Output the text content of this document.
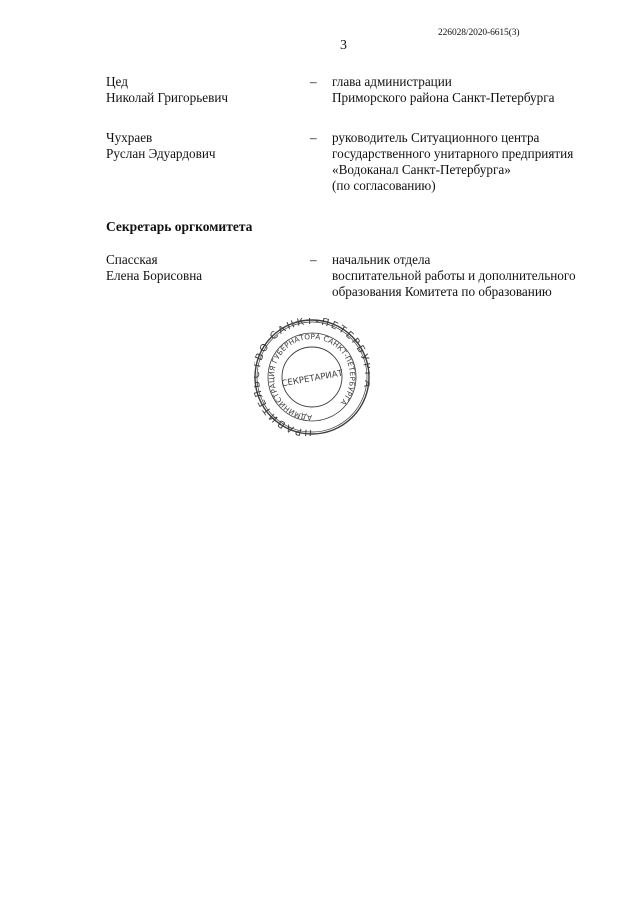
226028/2020-6615(3)
3
Цед
Николай Григорьевич
– глава администрации
Приморского района Санкт-Петербурга
Чухраев
Руслан Эдуардович
– руководитель Ситуационного центра
государственного унитарного предприятия
«Водоканал Санкт-Петербурга»
(по согласованию)
Секретарь оргкомитета
Спасская
Елена Борисовна
– начальник отдела
воспитательной работы и дополнительного
образования Комитета по образованию
ПРАВИТЕ ВО САНКТ-ПЕТЕРБУ
АДМИНИСТРАЦИЯ ГУБЕРНАТОРА САНКТ-ПЕТЕРБУРГА
СЕКРЕТАРИАТ
